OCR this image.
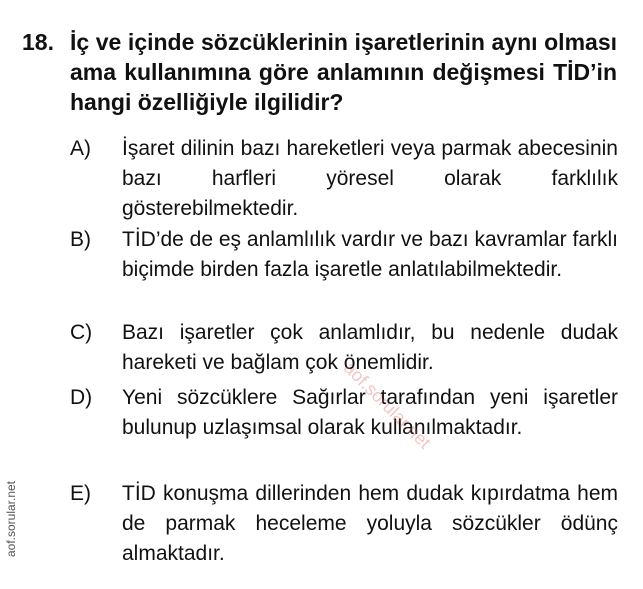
18. İç ve içinde sözcüklerinin işaretlerinin aynı olması ama kullanımına göre anlamının değişmesi TİD’in hangi özelliğiyle ilgilidir?
A) İşaret dilinin bazı hareketleri veya parmak abecesinin bazı harfleri yöresel olarak farklılık gösterebilmektedir.
B) TİD’de de eş anlamlılık vardır ve bazı kavramlar farklı biçimde birden fazla işaretle anlatılabilmektedir.
C) Bazı işaretler çok anlamlıdır, bu nedenle dudak hareketi ve bağlam çok önemlidir.
D) Yeni sözcüklere Sağırlar tarafından yeni işaretler bulunup uzlaşımsal olarak kullanılmaktadır.
E) TİD konuşma dillerinden hem dudak kıpırdatma hem de parmak heceleme yoluyla sözcükler ödünç almaktadır.
aof.sorular.net
aof.sorular.net
